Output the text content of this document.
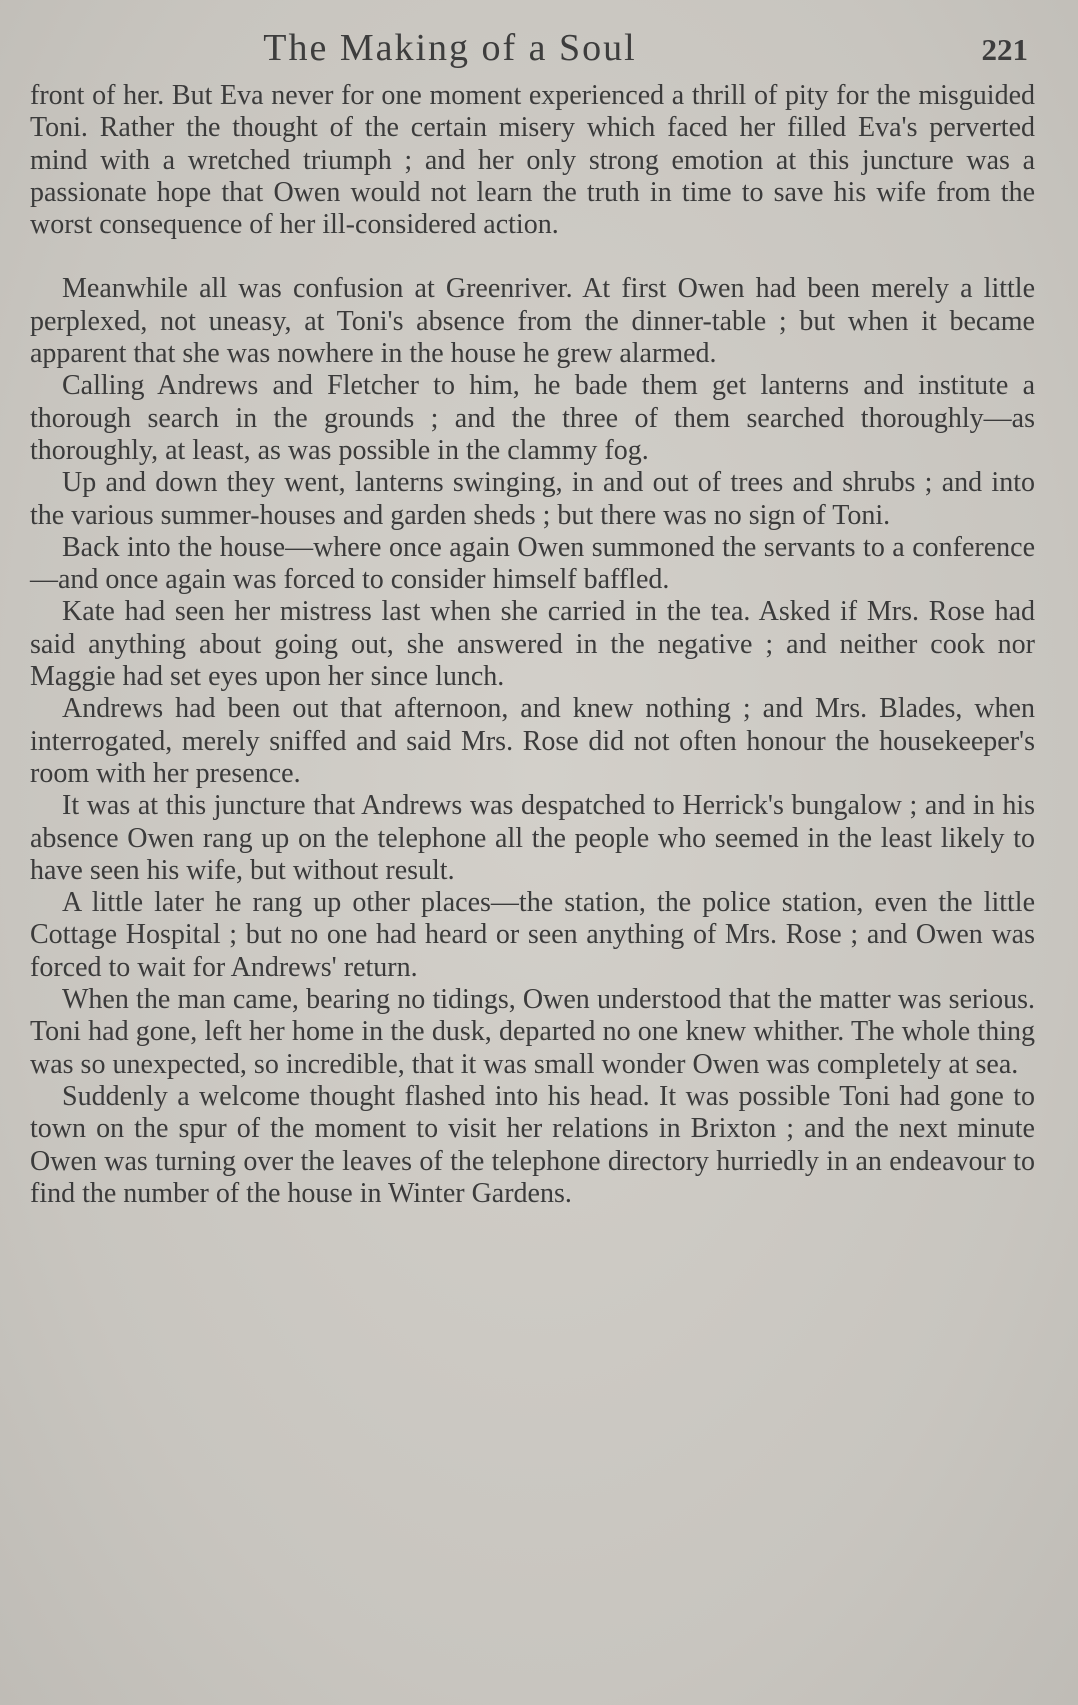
The Making of a Soul	221

front of her. But Eva never for one moment experienced a thrill of pity for the misguided Toni. Rather the thought of the certain misery which faced her filled Eva's perverted mind with a wretched triumph ; and her only strong emotion at this juncture was a passionate hope that Owen would not learn the truth in time to save his wife from the worst consequence of her ill-considered action.

Meanwhile all was confusion at Greenriver. At first Owen had been merely a little perplexed, not uneasy, at Toni's absence from the dinner-table ; but when it became apparent that she was nowhere in the house he grew alarmed.

Calling Andrews and Fletcher to him, he bade them get lanterns and institute a thorough search in the grounds ; and the three of them searched thoroughly—as thoroughly, at least, as was possible in the clammy fog.

Up and down they went, lanterns swinging, in and out of trees and shrubs ; and into the various summer-houses and garden sheds ; but there was no sign of Toni.

Back into the house—where once again Owen summoned the servants to a conference—and once again was forced to consider himself baffled.

Kate had seen her mistress last when she carried in the tea. Asked if Mrs. Rose had said anything about going out, she answered in the negative ; and neither cook nor Maggie had set eyes upon her since lunch.

Andrews had been out that afternoon, and knew nothing ; and Mrs. Blades, when interrogated, merely sniffed and said Mrs. Rose did not often honour the housekeeper's room with her presence.

It was at this juncture that Andrews was despatched to Herrick's bungalow ; and in his absence Owen rang up on the telephone all the people who seemed in the least likely to have seen his wife, but without result.

A little later he rang up other places—the station, the police station, even the little Cottage Hospital ; but no one had heard or seen anything of Mrs. Rose ; and Owen was forced to wait for Andrews' return.

When the man came, bearing no tidings, Owen understood that the matter was serious. Toni had gone, left her home in the dusk, departed no one knew whither. The whole thing was so unexpected, so incredible, that it was small wonder Owen was completely at sea.

Suddenly a welcome thought flashed into his head. It was possible Toni had gone to town on the spur of the moment to visit her relations in Brixton ; and the next minute Owen was turning over the leaves of the telephone directory hurriedly in an endeavour to find the number of the house in Winter Gardens.
